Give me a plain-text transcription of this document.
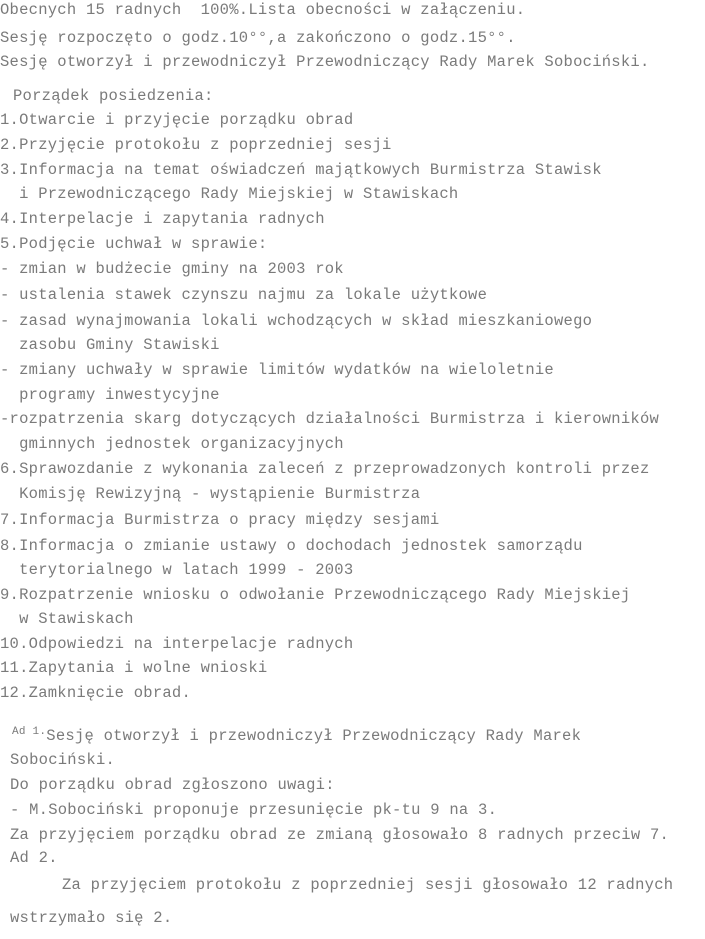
Obecnych 15 radnych  100%.Lista obecności w załączeniu.
Sesję rozpoczęto o godz.10°°,a zakończono o godz.15°°.
Sesję otworzył i przewodniczył Przewodniczący Rady Marek Sobociński.
Porządek posiedzenia:
1.Otwarcie i przyjęcie porządku obrad
2.Przyjęcie protokołu z poprzedniej sesji
3.Informacja na temat oświadczeń majątkowych Burmistrza Stawisk
i Przewodniczącego Rady Miejskiej w Stawiskach
4.Interpelacje i zapytania radnych
5.Podjęcie uchwał w sprawie:
- zmian w budżecie gminy na 2003 rok
- ustalenia stawek czynszu najmu za lokale użytkowe
- zasad wynajmowania lokali wchodzących w skład mieszkaniowego
zasobu Gminy Stawiski
- zmiany uchwały w sprawie limitów wydatków na wieloletnie
programy inwestycyjne
-rozpatrzenia skarg dotyczących działalności Burmistrza i kierowników
gminnych jednostek organizacyjnych
6.Sprawozdanie z wykonania zaleceń z przeprowadzonych kontroli przez
Komisję Rewizyjną - wystąpienie Burmistrza
7.Informacja Burmistrza o pracy między sesjami
8.Informacja o zmianie ustawy o dochodach jednostek samorządu
terytorialnego w latach 1999 - 2003
9.Rozpatrzenie wniosku o odwołanie Przewodniczącego Rady Miejskiej
w Stawiskach
10.Odpowiedzi na interpelacje radnych
11.Zapytania i wolne wnioski
12.Zamknięcie obrad.
$^{Ad 1.}$Sesję otworzył i przewodniczył Przewodniczący Rady Marek
Sobociński.
Do porządku obrad zgłoszono uwagi:
- M.Sobociński proponuje przesunięcie pk-tu 9 na 3.
Za przyjęciem porządku obrad ze zmianą głosowało 8 radnych przeciw 7.
Ad 2.
Za przyjęciem protokołu z poprzedniej sesji głosowało 12 radnych
wstrzymało się 2.
